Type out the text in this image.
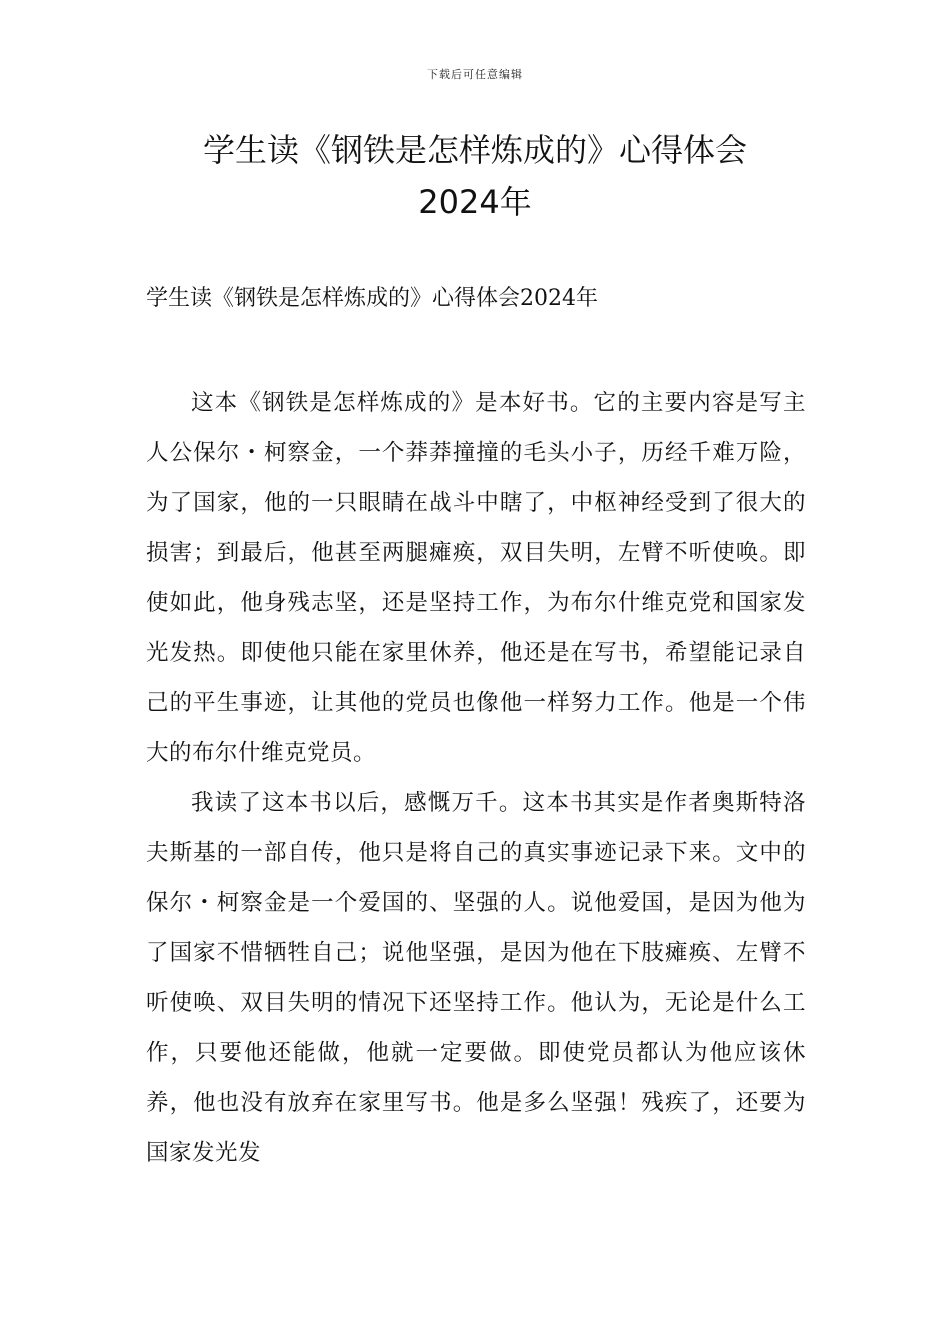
下载后可任意编辑
学生读《钢铁是怎样炼成的》心得体会
2024年

学生读《钢铁是怎样炼成的》心得体会2024年

这本《钢铁是怎样炼成的》是本好书。它的主要内容是写主人公保尔・柯察金，一个莽莽撞撞的毛头小子，历经千难万险，为了国家，他的一只眼睛在战斗中瞎了，中枢神经受到了很大的损害；到最后，他甚至两腿瘫痪，双目失明，左臂不听使唤。即使如此，他身残志坚，还是坚持工作，为布尔什维克党和国家发光发热。即使他只能在家里休养，他还是在写书，希望能记录自己的平生事迹，让其他的党员也像他一样努力工作。他是一个伟大的布尔什维克党员。

我读了这本书以后，感慨万千。这本书其实是作者奥斯特洛夫斯基的一部自传，他只是将自己的真实事迹记录下来。文中的保尔・柯察金是一个爱国的、坚强的人。说他爱国，是因为他为了国家不惜牺牲自己；说他坚强，是因为他在下肢瘫痪、左臂不听使唤、双目失明的情况下还坚持工作。他认为，无论是什么工作，只要他还能做，他就一定要做。即使党员都认为他应该休养，他也没有放弃在家里写书。他是多么坚强！残疾了，还要为国家发光发
